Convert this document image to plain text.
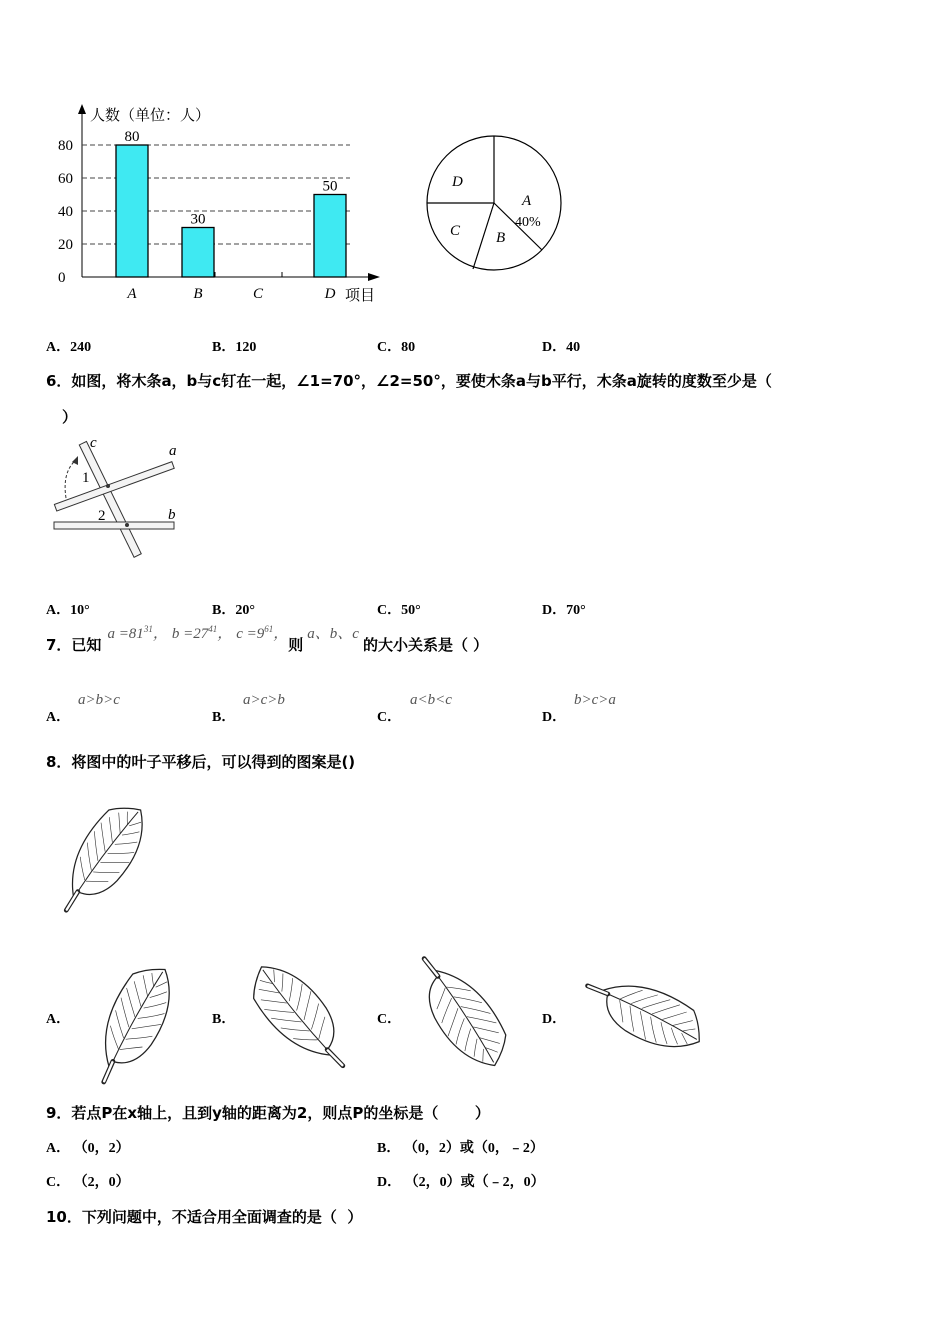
0
20
40
60
80
A	B	C	D
80
30
50
人数（单位：人）
项目
D
A
40%
C B
A．240	B．120	C．80	D．40
6．如图，将木条a，b与c钉在一起，∠1=70°，∠2=50°，要使木条a与b平行，木条a旋转的度数至少是（
）
c	a
b
1
2
A．10°	B．20°	C．50°	D．70°
7．已知
$a =81^{31}$， $b =27^{41}$， $c =9^{61}$，
则
a、b、c
的大小关系是（ ）
A．
a>b>c
B．
a>c>b
C．
a<b<c
D．
b>c>a
8．将图中的叶子平移后，可以得到的图案是()
A．	B．	C．	D．
9．若点P在x轴上，且到y轴的距离为2，则点P的坐标是（       ）
A． （0，2）	B． （0，2）或（0，﹣2）
C． （2，0）	D． （2，0）或（﹣2，0）
10．下列问题中，不适合用全面调查的是（  ）
